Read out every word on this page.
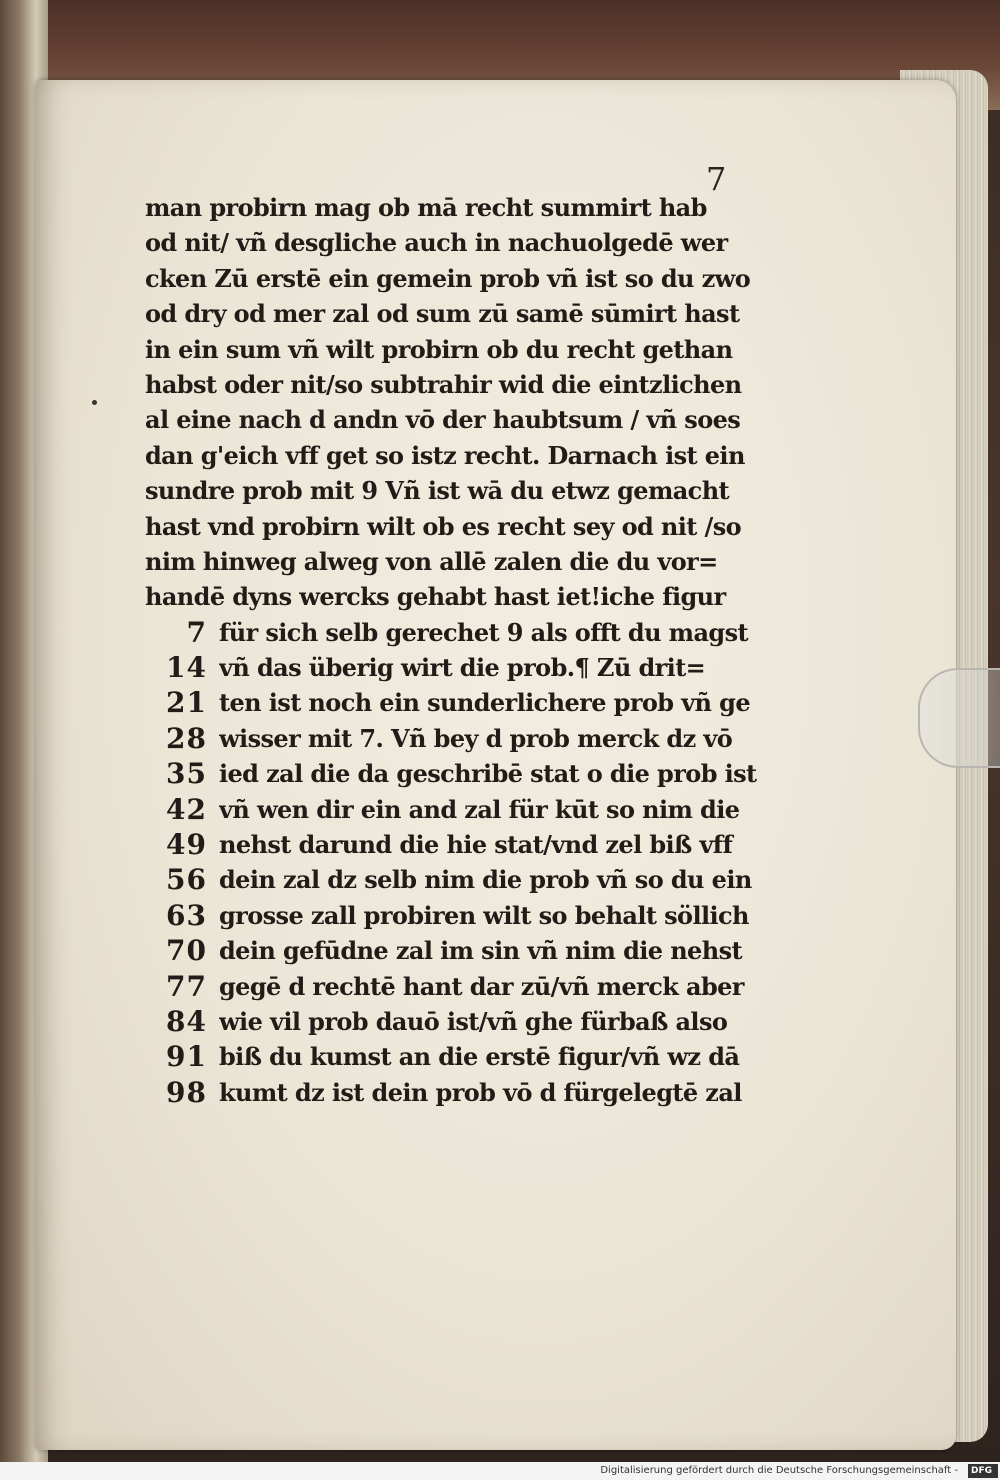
7
man probirn mag ob mā recht summirt hab
od nit/ vñ desgliche auch in nachuolgedē wer
cken Zū erstē ein gemein prob vñ ist so du zwo
od dry od mer zal od sum zū samē sūmirt hast
in ein sum vñ wilt probirn ob du recht gethan
habst oder nit/so subtrahir wid die eintzlichen
al eine nach d andn vō der haubtsum / vñ soes
dan g'eich vff get so istz recht. Darnach ist ein
sundre prob mit 9 Vñ ist wā du etwz gemacht
hast vnd probirn wilt ob es recht sey od nit /so
nim hinweg alweg von allē zalen die du vor=
handē dyns wercks gehabt hast iet!iche figur
7 für sich selb gerechet 9 als offt du magst
14 vñ das überig wirt die prob.¶ Zū drit=
21 ten ist noch ein sunderlichere prob vñ ge
28 wisser mit 7. Vñ bey d prob merck dz vō
35 ied zal die da geschribē stat o die prob ist
42 vñ wen dir ein and zal für kūt so nim die
49 nehst darund die hie stat/vnd zel biß vff
56 dein zal dz selb nim die prob vñ so du ein
63 grosse zall probiren wilt so behalt söllich
70 dein gefūdne zal im sin vñ nim die nehst
77 gegē d rechtē hant dar zū/vñ merck aber
84 wie vil prob dauō ist/vñ ghe fürbaß also
91 biß du kumst an die erstē figur/vñ wz dā
98 kumt dz ist dein prob vō d fürgelegtē zal
Digitalisierung gefördert durch die Deutsche Forschungsgemeinschaft - DFG
